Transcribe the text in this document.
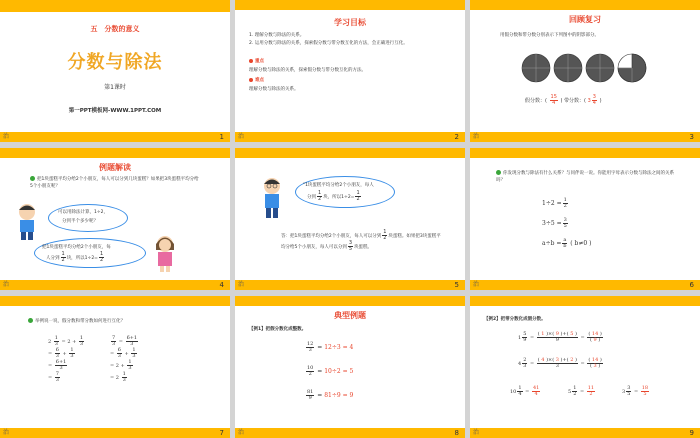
五　分数的意义
分数与除法
第1课时
第一PPT模板网-WWW.1PPT.COM
治	1
学习目标
1. 理解分数与除法的关系。
2. 运用分数与除法的关系，探索假分数与带分数互化的方法，会正确进行互化。
重点
理解分数与除法的关系，探索假分数与带分数互化的方法。
难点
理解分数与除法的关系。
治	2
回顾复习
用假分数和带分数分别表示下列图中的阴影部分。
假分数：( $\frac{15}{4}$ ) 带分数：( $3 \frac{3}{4}$ )
治	3
例题解读
把1块蛋糕平均分给2个小朋友，每人可以分到几块蛋糕？如果把3块蛋糕平均分给5个小朋友呢？
可以用除法计算，1÷2，
分到半个多少呢？
把1块蛋糕平均分给2个小朋友，每
人分到 $\frac{1}{2}$ 块，所以$1\div 2= \frac{1}{2}$
治	4
"1块蛋糕平均分给2个小朋友，每人
分到 $\frac{1}{2}$ 块，所以$1\div 2= \frac{1}{2}$
答：把1块蛋糕平均分给2个小朋友，每人可以分到 $\frac{1}{2}$ 块蛋糕。如果把3块蛋糕平均分给5个小朋友，每人可以分到 $\frac{3}{5}$ 块蛋糕。
治	5
你发现分数与除法有什么关系？与同伴说一说。你能用字母表示分数与除法之间的关系吗？
$1\div 2 = \frac{1}{2}$
$3\div 5 = \frac{3}{5}$
$a\div b = \frac{a}{b}$ ( b≠0 )
治	6
举例说一说，假分数和带分数如何进行互化？
$2 \frac{1}{3} = 2 + \frac{1}{3}$

= $\frac{6}{3} + \frac{1}{3}$

= $\frac{6+1}{3}$

= $\frac{7}{3}$
$\frac{7}{3} = \frac{6+1}{3}$

= $\frac{6}{3} + \frac{1}{3}$

= $2 + \frac{1}{3}$

= $2 \frac{1}{3}$
治	7
典型例题
【例1】把假分数化成整数。
$\frac{12}{3} = 12\div 3 = 4$
$\frac{10}{2} = 10\div 2 = 5$
$\frac{81}{9} = 81\div 9 = 9$
治	8
【例2】把带分数化成假分数。
$1 \frac{5}{9} = \frac{( 1 )\times( 9 )+( 5 )}{9} = \frac{( 14 )}{( 9 )}$
$4 \frac{2}{3} = \frac{( 4 )\times( 3 )+( 2 )}{3} = \frac{( 14 )}{( 3 )}$
$10 \frac{1}{4} = \frac{41}{4}$	$5 \frac{1}{2} = \frac{11}{2}$	$3 \frac{3}{5} = \frac{18}{5}$
治	9
